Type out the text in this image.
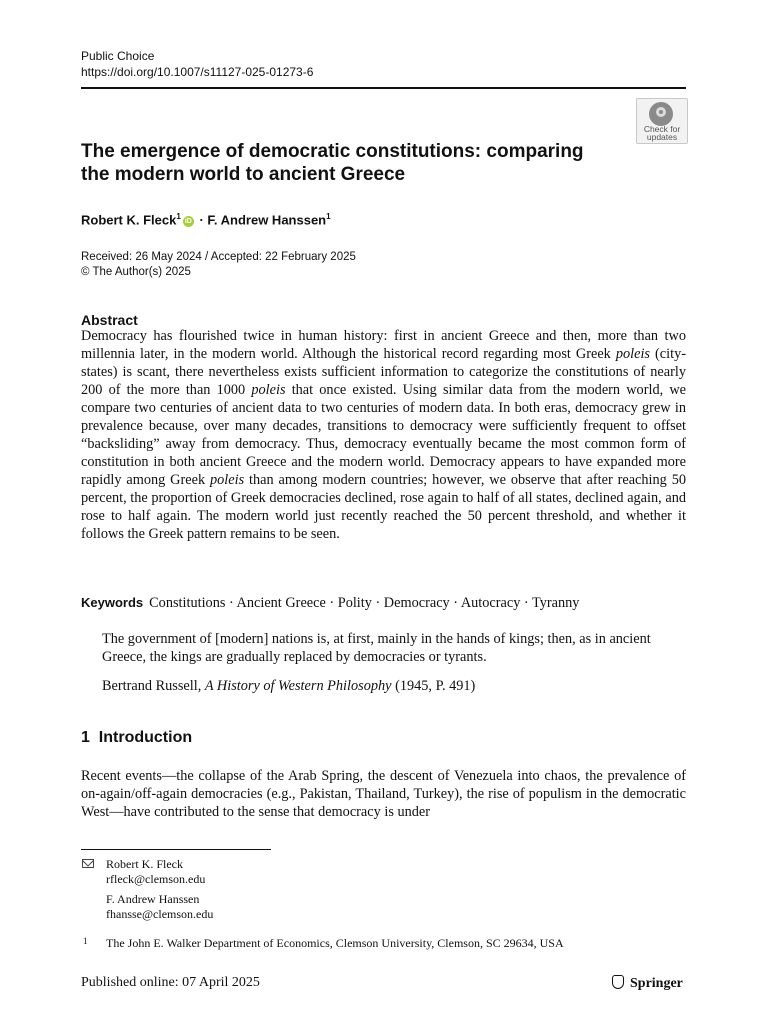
Public Choice
https://doi.org/10.1007/s11127-025-01273-6
Check for
updates
The emergence of democratic constitutions: comparing
the modern world to ancient Greece
Robert K. Fleck$^1$iD · F. Andrew Hanssen$^1$
Received: 26 May 2024 / Accepted: 22 February 2025
© The Author(s) 2025
Abstract
Democracy has flourished twice in human history: first in ancient Greece and then, more than two millennia later, in the modern world. Although the historical record regarding most Greek poleis (city-states) is scant, there nevertheless exists sufficient information to categorize the constitutions of nearly 200 of the more than 1000 poleis that once existed. Using similar data from the modern world, we compare two centuries of ancient data to two centuries of modern data. In both eras, democracy grew in prevalence because, over many decades, transitions to democracy were sufficiently frequent to offset “backsliding” away from democracy. Thus, democracy eventually became the most common form of constitution in both ancient Greece and the modern world. Democracy appears to have expanded more rapidly among Greek poleis than among modern countries; however, we observe that after reaching 50 percent, the proportion of Greek democracies declined, rose again to half of all states, declined again, and rose to half again. The modern world just recently reached the 50 percent threshold, and whether it follows the Greek pattern remains to be seen.
Keywords Constitutions · Ancient Greece · Polity · Democracy · Autocracy · Tyranny
The government of [modern] nations is, at first, mainly in the hands of kings; then, as in ancient Greece, the kings are gradually replaced by democracies or tyrants.
Bertrand Russell, A History of Western Philosophy (1945, P. 491)
1 Introduction
Recent events—the collapse of the Arab Spring, the descent of Venezuela into chaos, the prevalence of on-again/off-again democracies (e.g., Pakistan, Thailand, Turkey), the rise of populism in the democratic West—have contributed to the sense that democracy is under
Robert K. Fleck
rfleck@clemson.edu
F. Andrew Hanssen
fhansse@clemson.edu
1 The John E. Walker Department of Economics, Clemson University, Clemson, SC 29634, USA
Published online: 07 April 2025	Springer
